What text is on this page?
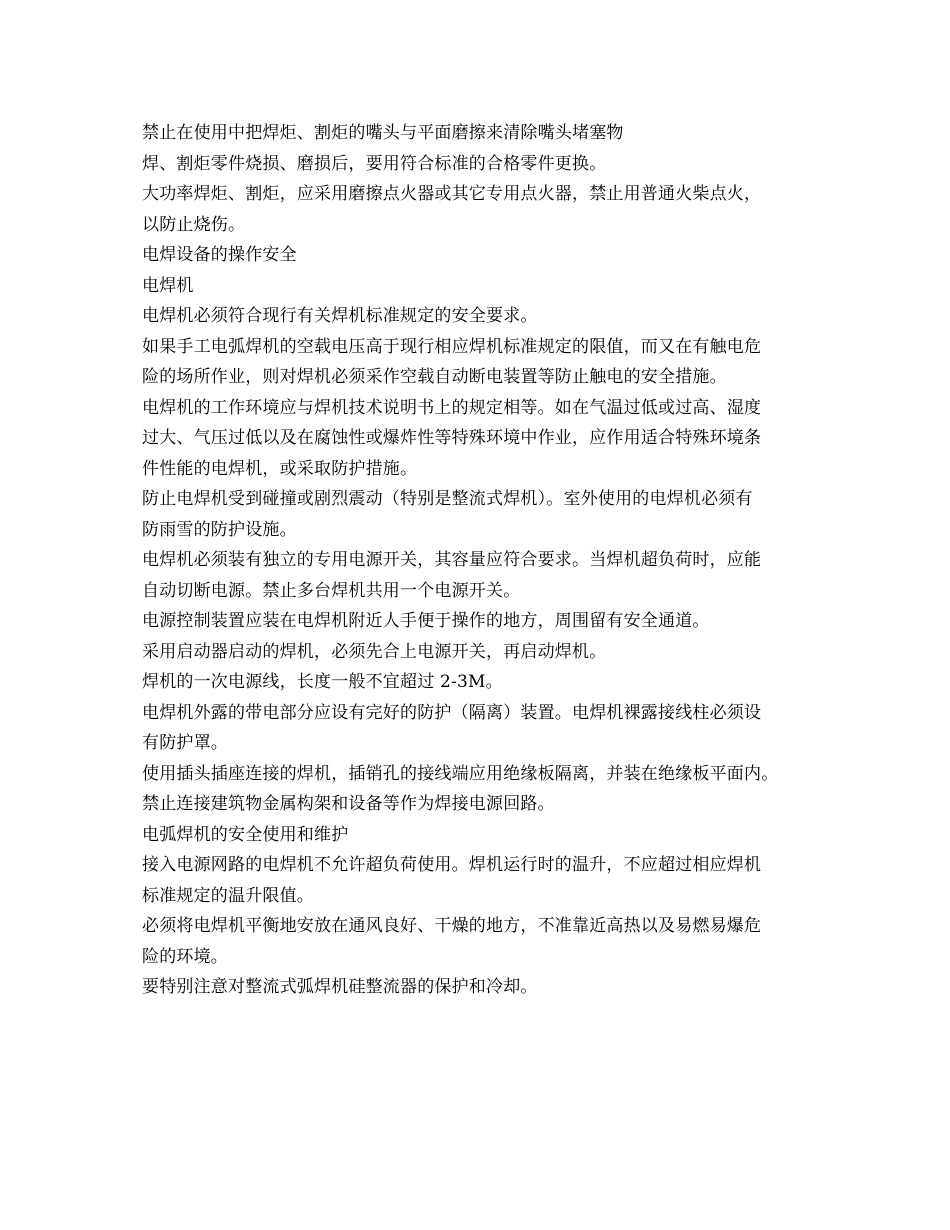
禁止在使用中把焊炬、割炬的嘴头与平面磨擦来清除嘴头堵塞物
焊、割炬零件烧损、磨损后，要用符合标准的合格零件更换。
大功率焊炬、割炬，应采用磨擦点火器或其它专用点火器，禁止用普通火柴点火，
以防止烧伤。
电焊设备的操作安全
电焊机
电焊机必须符合现行有关焊机标准规定的安全要求。
如果手工电弧焊机的空载电压高于现行相应焊机标准规定的限值，而又在有触电危
险的场所作业，则对焊机必须采作空载自动断电装置等防止触电的安全措施。
电焊机的工作环境应与焊机技术说明书上的规定相等。如在气温过低或过高、湿度
过大、气压过低以及在腐蚀性或爆炸性等特殊环境中作业，应作用适合特殊环境条
件性能的电焊机，或采取防护措施。
防止电焊机受到碰撞或剧烈震动（特别是整流式焊机）。室外使用的电焊机必须有
防雨雪的防护设施。
电焊机必须装有独立的专用电源开关，其容量应符合要求。当焊机超负荷时，应能
自动切断电源。禁止多台焊机共用一个电源开关。
电源控制装置应装在电焊机附近人手便于操作的地方，周围留有安全通道。
采用启动器启动的焊机，必须先合上电源开关，再启动焊机。
焊机的一次电源线，长度一般不宜超过 2-3M。
电焊机外露的带电部分应设有完好的防护（隔离）装置。电焊机裸露接线柱必须设
有防护罩。
使用插头插座连接的焊机，插销孔的接线端应用绝缘板隔离，并装在绝缘板平面内。
禁止连接建筑物金属构架和设备等作为焊接电源回路。
电弧焊机的安全使用和维护
接入电源网路的电焊机不允许超负荷使用。焊机运行时的温升，不应超过相应焊机
标准规定的温升限值。
必须将电焊机平衡地安放在通风良好、干燥的地方，不准靠近高热以及易燃易爆危
险的环境。
要特别注意对整流式弧焊机硅整流器的保护和冷却。
